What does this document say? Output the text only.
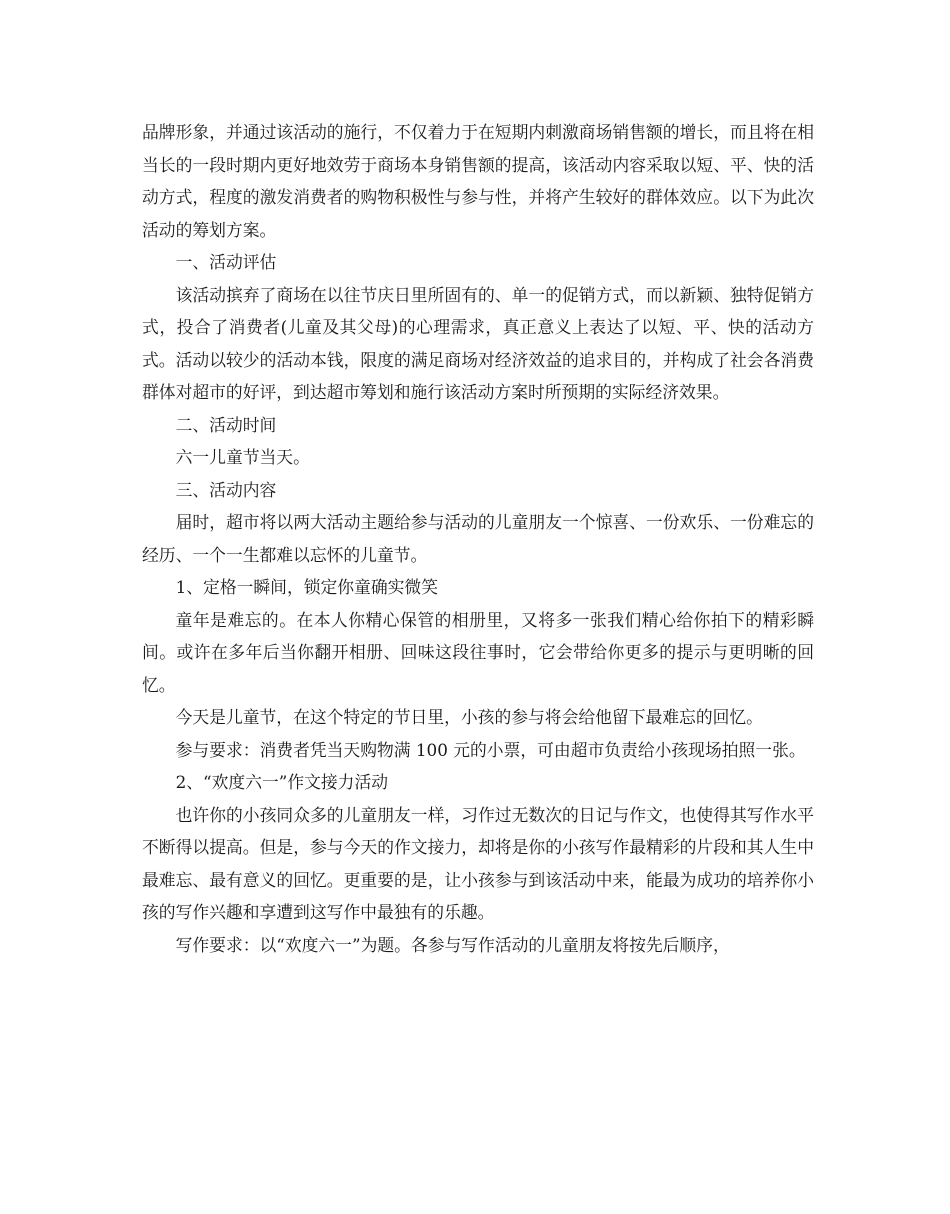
品牌形象，并通过该活动的施行，不仅着力于在短期内刺激商场销售额的增长，而且将在相当长的一段时期内更好地效劳于商场本身销售额的提高，该活动内容采取以短、平、快的活动方式，程度的激发消费者的购物积极性与参与性，并将产生较好的群体效应。以下为此次活动的筹划方案。

一、活动评估

该活动摈弃了商场在以往节庆日里所固有的、单一的促销方式，而以新颖、独特促销方式，投合了消费者(儿童及其父母)的心理需求，真正意义上表达了以短、平、快的活动方式。活动以较少的活动本钱，限度的满足商场对经济效益的追求目的，并构成了社会各消费群体对超市的好评，到达超市筹划和施行该活动方案时所预期的实际经济效果。

二、活动时间

六一儿童节当天。

三、活动内容

届时，超市将以两大活动主题给参与活动的儿童朋友一个惊喜、一份欢乐、一份难忘的经历、一个一生都难以忘怀的儿童节。

1、定格一瞬间，锁定你童确实微笑

童年是难忘的。在本人你精心保管的相册里，又将多一张我们精心给你拍下的精彩瞬间。或许在多年后当你翻开相册、回味这段往事时，它会带给你更多的提示与更明晰的回忆。

今天是儿童节，在这个特定的节日里，小孩的参与将会给他留下最难忘的回忆。

参与要求：消费者凭当天购物满 100 元的小票，可由超市负责给小孩现场拍照一张。

2、“欢度六一”作文接力活动

也许你的小孩同众多的儿童朋友一样，习作过无数次的日记与作文，也使得其写作水平不断得以提高。但是，参与今天的作文接力，却将是你的小孩写作最精彩的片段和其人生中最难忘、最有意义的回忆。更重要的是，让小孩参与到该活动中来，能最为成功的培养你小孩的写作兴趣和享遭到这写作中最独有的乐趣。

写作要求：以“欢度六一”为题。各参与写作活动的儿童朋友将按先后顺序，
